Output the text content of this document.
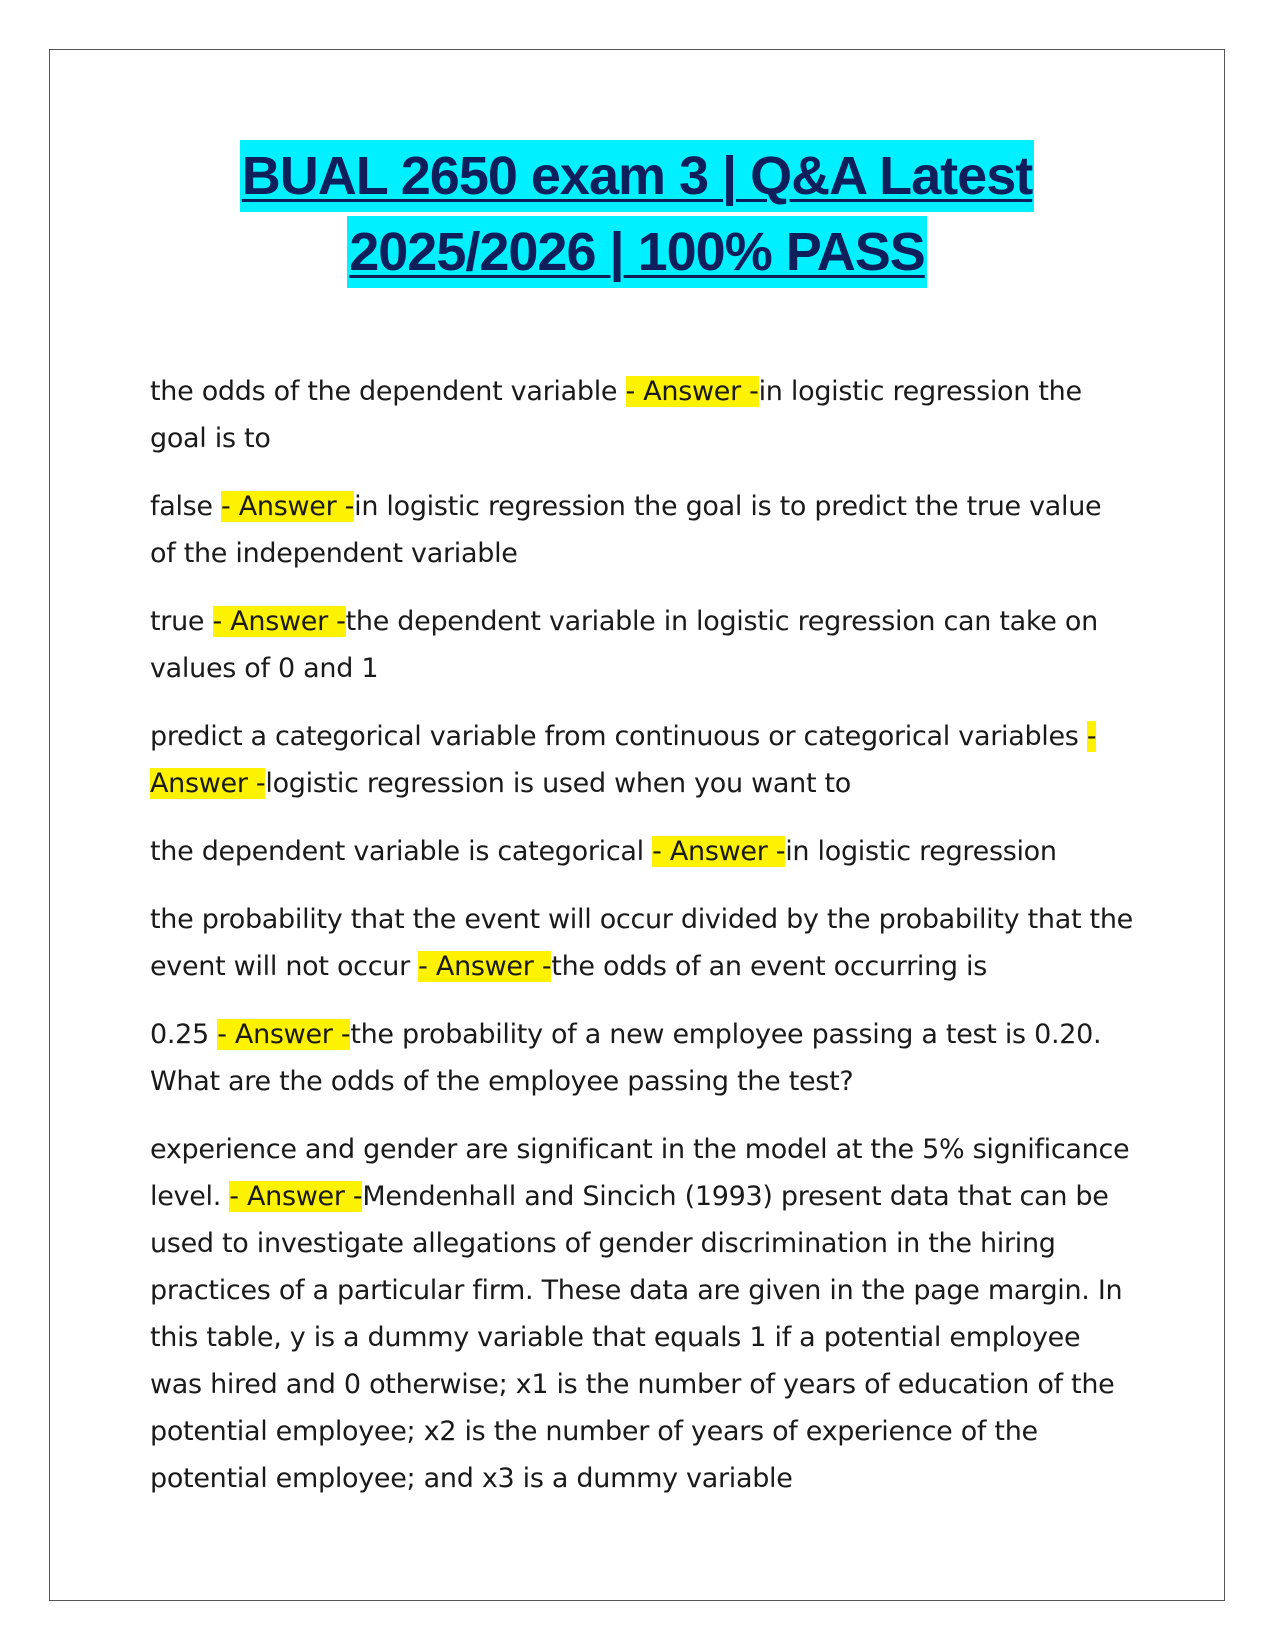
BUAL 2650 exam 3 | Q&A Latest
2025/2026 | 100% PASS

the odds of the dependent variable - Answer -in logistic regression the goal is to

false - Answer -in logistic regression the goal is to predict the true value of the independent variable

true - Answer -the dependent variable in logistic regression can take on values of 0 and 1

predict a categorical variable from continuous or categorical variables - Answer -logistic regression is used when you want to

the dependent variable is categorical - Answer -in logistic regression

the probability that the event will occur divided by the probability that the event will not occur - Answer -the odds of an event occurring is

0.25 - Answer -the probability of a new employee passing a test is 0.20. What are the odds of the employee passing the test?

experience and gender are significant in the model at the 5% significance level. - Answer -Mendenhall and Sincich (1993) present data that can be used to investigate allegations of gender discrimination in the hiring practices of a particular firm. These data are given in the page margin. In this table, y is a dummy variable that equals 1 if a potential employee was hired and 0 otherwise; x1 is the number of years of education of the potential employee; x2 is the number of years of experience of the potential employee; and x3 is a dummy variable
